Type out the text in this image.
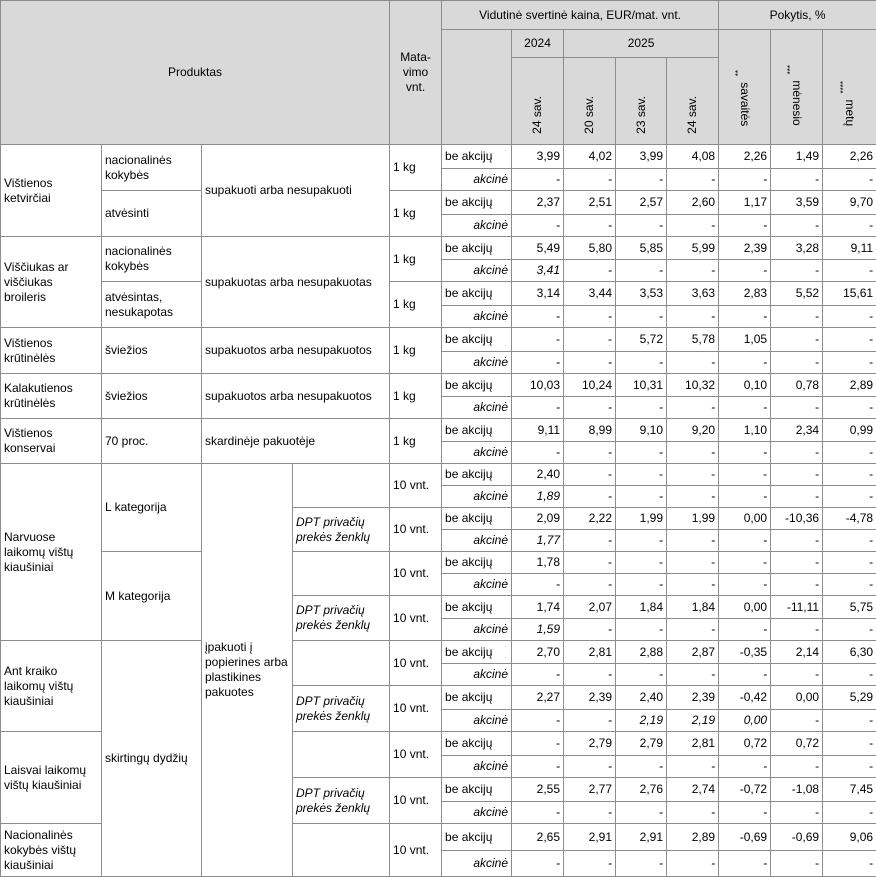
Produktas				Mata-vimo vnt.	Vidutinė svertinė kaina, EUR/mat. vnt.					Pokytis, %		
						2024	2025			savaitės**	mėnesio***	metų****
						24 sav.	20 sav.	23 sav.	24 sav.			
Vištienos ketvirčiai	nacionalinės kokybės	supakuoti arba nesupakuoti		1 kg	be akcijų	3,99	4,02	3,99	4,08	2,26	1,49	2,26
					akcinė	-	-	-	-	-	-	-
	atvėsinti			1 kg	be akcijų	2,37	2,51	2,57	2,60	1,17	3,59	9,70
					akcinė	-	-	-	-	-	-	-
Viščiukas ar viščiukas broileris	nacionalinės kokybės	supakuotas arba nesupakuotas		1 kg	be akcijų	5,49	5,80	5,85	5,99	2,39	3,28	9,11
					akcinė	3,41	-	-	-	-	-	-
	atvėsintas, nesukapotas			1 kg	be akcijų	3,14	3,44	3,53	3,63	2,83	5,52	15,61
					akcinė	-	-	-	-	-	-	-
Vištienos krūtinėlės	šviežios	supakuotos arba nesupakuotos		1 kg	be akcijų	-	-	5,72	5,78	1,05	-	-
					akcinė	-	-	-	-	-	-	-
Kalakutienos krūtinėlės	šviežios	supakuotos arba nesupakuotos		1 kg	be akcijų	10,03	10,24	10,31	10,32	0,10	0,78	2,89
					akcinė	-	-	-	-	-	-	-
Vištienos konservai	70 proc.	skardinėje pakuotėje		1 kg	be akcijų	9,11	8,99	9,10	9,20	1,10	2,34	0,99
					akcinė	-	-	-	-	-	-	-
Narvuose laikomų vištų kiaušiniai	L kategorija	įpakuoti į popierines arba plastikines pakuotes		10 vnt.	be akcijų	2,40	-	-	-	-	-	-
					akcinė	1,89	-	-	-	-	-	-
			DPT privačių prekės ženklų	10 vnt.	be akcijų	2,09	2,22	1,99	1,99	0,00	-10,36	-4,78
					akcinė	1,77	-	-	-	-	-	-
	M kategorija			10 vnt.	be akcijų	1,78	-	-	-	-	-	-
					akcinė	-	-	-	-	-	-	-
			DPT privačių prekės ženklų	10 vnt.	be akcijų	1,74	2,07	1,84	1,84	0,00	-11,11	5,75
					akcinė	1,59	-	-	-	-	-	-
Ant kraiko laikomų vištų kiaušiniai	skirtingų dydžių			10 vnt.	be akcijų	2,70	2,81	2,88	2,87	-0,35	2,14	6,30
					akcinė	-	-	-	-	-	-	-
			DPT privačių prekės ženklų	10 vnt.	be akcijų	2,27	2,39	2,40	2,39	-0,42	0,00	5,29
					akcinė	-	-	2,19	2,19	0,00	-	-
Laisvai laikomų vištų kiaušiniai				10 vnt.	be akcijų	-	2,79	2,79	2,81	0,72	0,72	-
					akcinė	-	-	-	-	-	-	-
			DPT privačių prekės ženklų	10 vnt.	be akcijų	2,55	2,77	2,76	2,74	-0,72	-1,08	7,45
					akcinė	-	-	-	-	-	-	-
Nacionalinės kokybės vištų kiaušiniai				10 vnt.	be akcijų	2,65	2,91	2,91	2,89	-0,69	-0,69	9,06
					akcinė	-	-	-	-	-	-	-
